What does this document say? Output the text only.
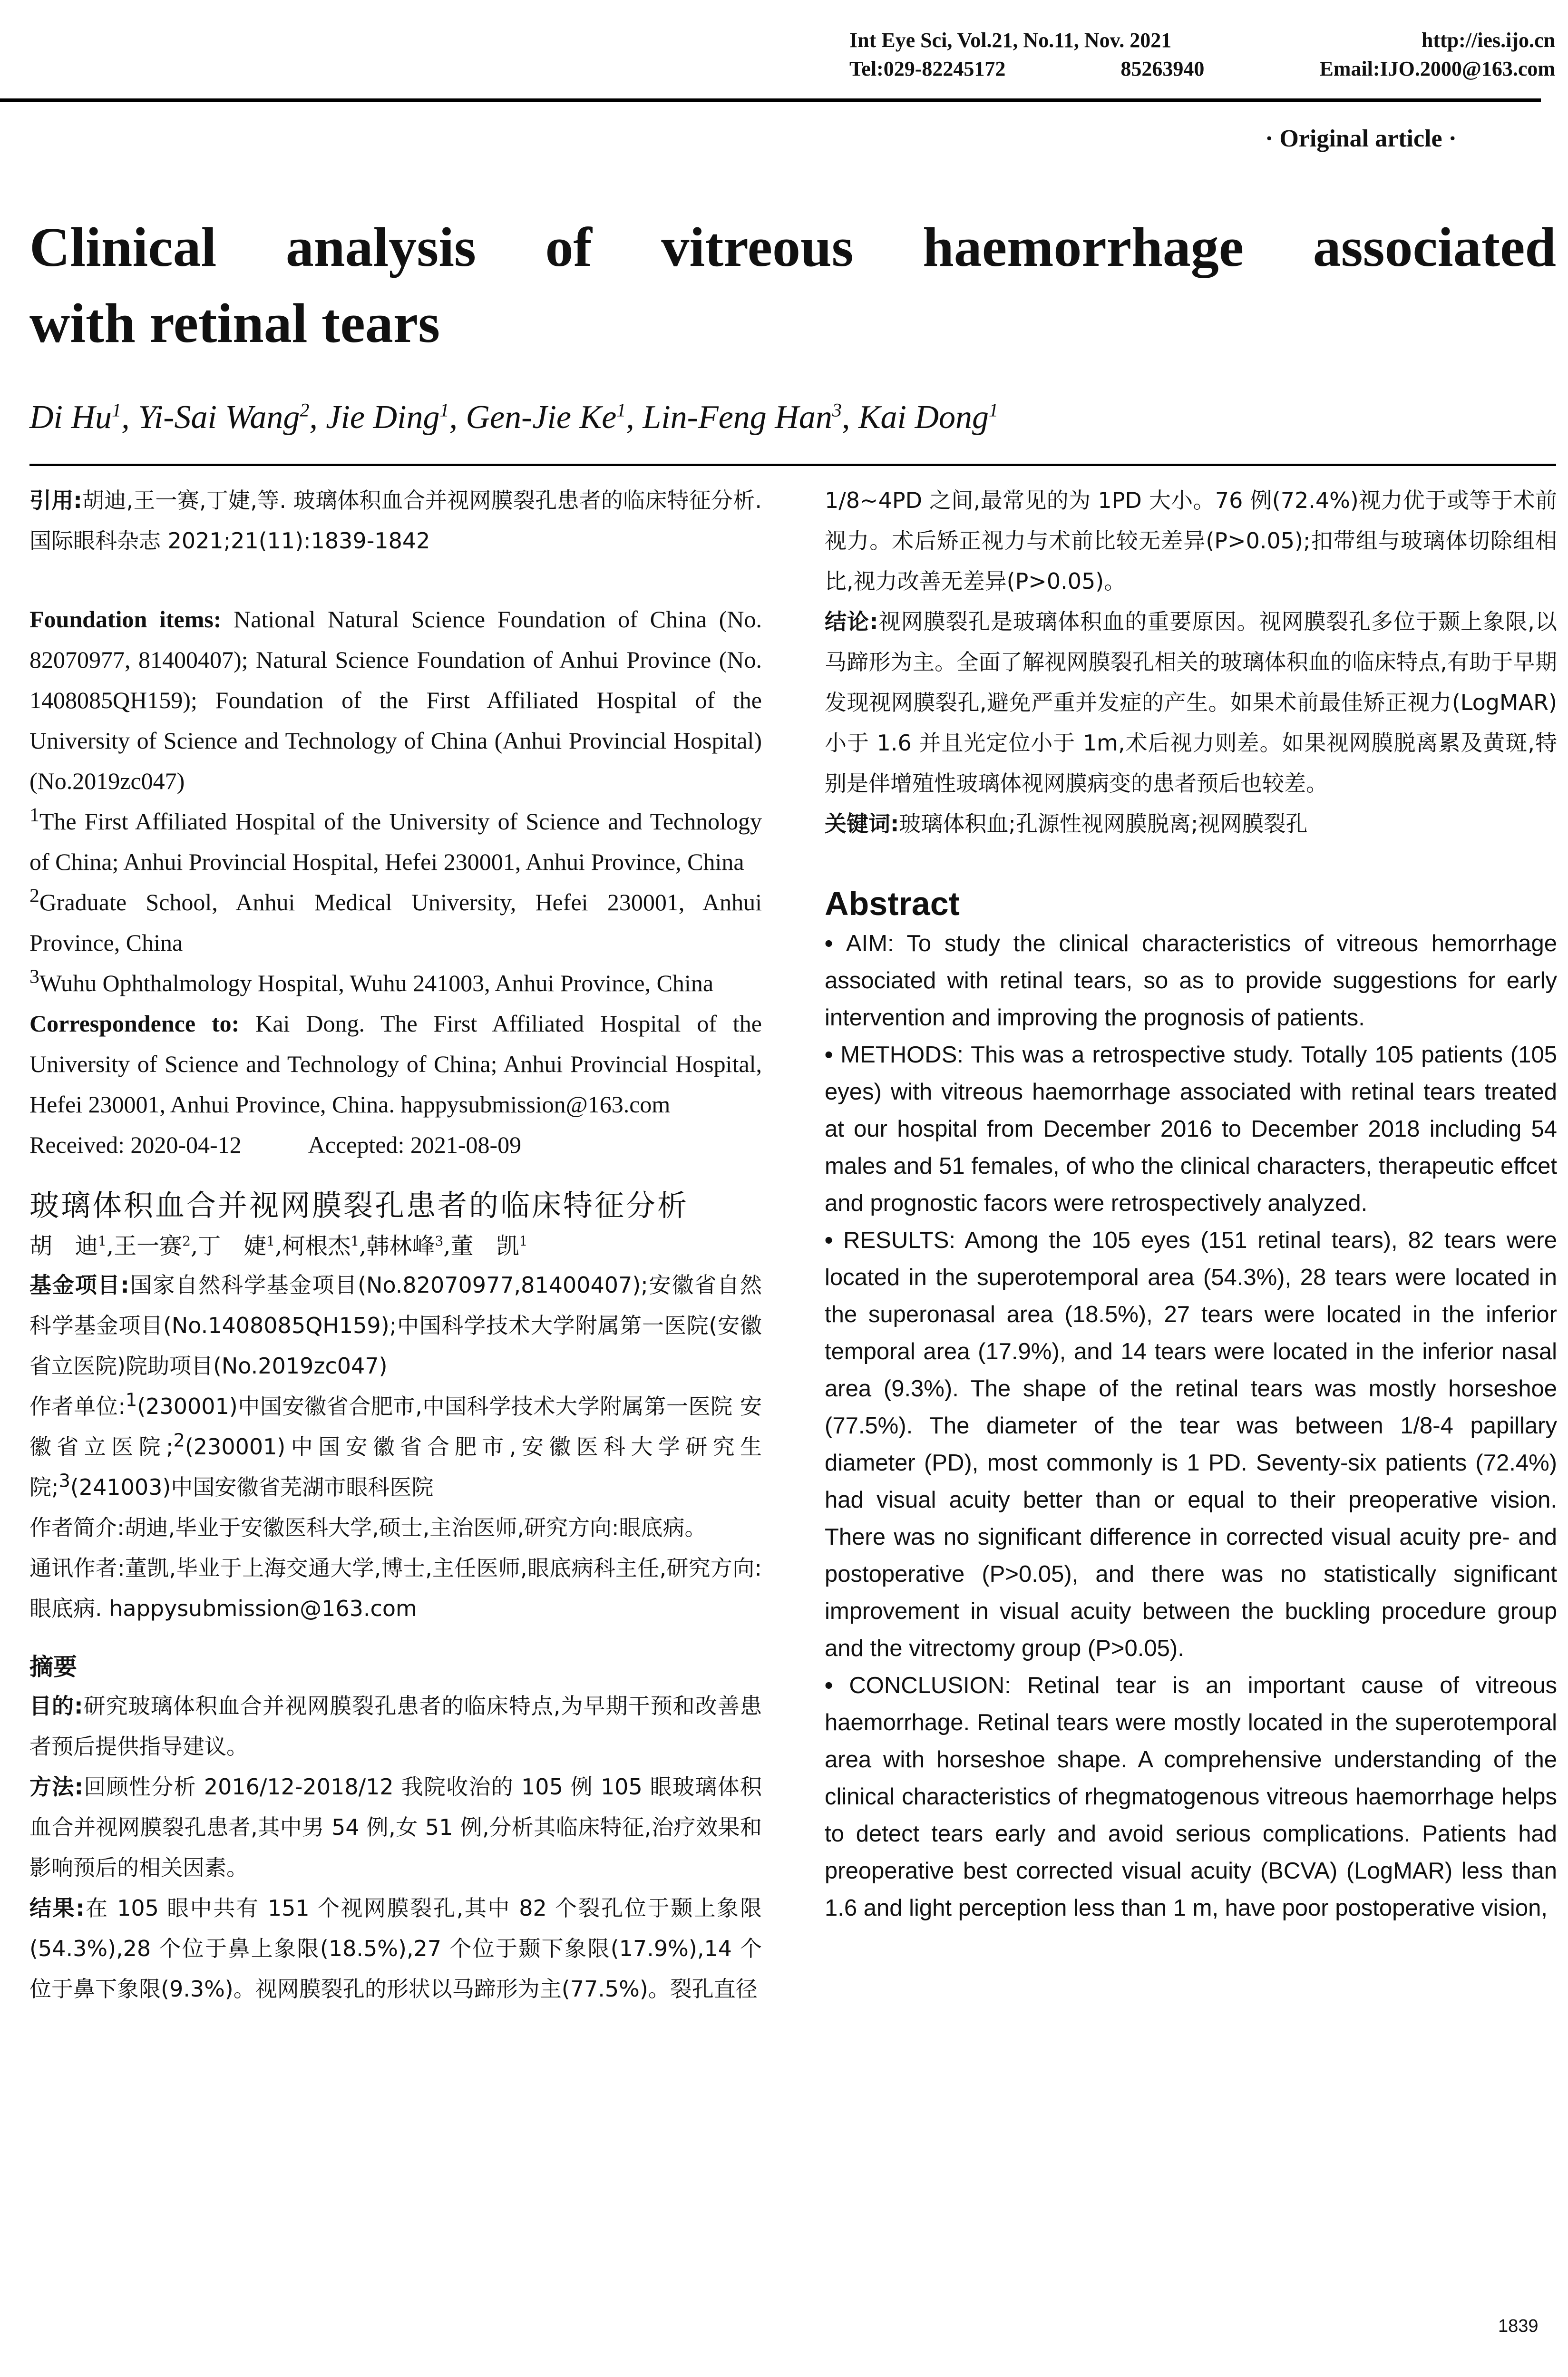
Int Eye Sci, Vol.21, No.11, Nov. 2021	http://ies.ijo.cn
Tel:029-82245172	85263940	Email:IJO.2000@163.com
· Original article ·
Clinical analysis of vitreous haemorrhage associated
with retinal tears
Di Hu$^1$, Yi-Sai Wang$^2$, Jie Ding$^1$, Gen-Jie Ke$^1$, Lin-Feng Han$^3$, Kai Dong$^1$

引用:胡迪,王一赛,丁婕,等. 玻璃体积血合并视网膜裂孔患者的临床特征分析. 国际眼科杂志 2021;21(11):1839-1842

Foundation items: National Natural Science Foundation of China (No. 82070977, 81400407); Natural Science Foundation of Anhui Province (No. 1408085QH159); Foundation of the First Affiliated Hospital of the University of Science and Technology of China (Anhui Provincial Hospital) (No.2019zc047)

$^1$The First Affiliated Hospital of the University of Science and Technology of China; Anhui Provincial Hospital, Hefei 230001, Anhui Province, China

$^2$Graduate School, Anhui Medical University, Hefei 230001, Anhui Province, China

$^3$Wuhu Ophthalmology Hospital, Wuhu 241003, Anhui Province, China

Correspondence to: Kai Dong. The First Affiliated Hospital of the University of Science and Technology of China; Anhui Provincial Hospital, Hefei 230001, Anhui Province, China. happysubmission@163.com

Received: 2020-04-12	Accepted: 2021-08-09

玻璃体积血合并视网膜裂孔患者的临床特征分析

胡　迪$^1$,王一赛$^2$,丁　婕$^1$,柯根杰$^1$,韩林峰$^3$,董　凯$^1$

基金项目:国家自然科学基金项目(No.82070977,81400407);安徽省自然科学基金项目(No.1408085QH159);中国科学技术大学附属第一医院(安徽省立医院)院助项目(No.2019zc047)

作者单位:$^1$(230001)中国安徽省合肥市,中国科学技术大学附属第一医院 安徽省立医院;$^2$(230001)中国安徽省合肥市,安徽医科大学研究生院;$^3$(241003)中国安徽省芜湖市眼科医院

作者简介:胡迪,毕业于安徽医科大学,硕士,主治医师,研究方向:眼底病。

通讯作者:董凯,毕业于上海交通大学,博士,主任医师,眼底病科主任,研究方向:眼底病. happysubmission@163.com

摘要

目的:研究玻璃体积血合并视网膜裂孔患者的临床特点,为早期干预和改善患者预后提供指导建议。

方法:回顾性分析 2016/12-2018/12 我院收治的 105 例 105 眼玻璃体积血合并视网膜裂孔患者,其中男 54 例,女 51 例,分析其临床特征,治疗效果和影响预后的相关因素。

结果:在 105 眼中共有 151 个视网膜裂孔,其中 82 个裂孔位于颞上象限(54.3%),28 个位于鼻上象限(18.5%),27 个位于颞下象限(17.9%),14 个位于鼻下象限(9.3%)。视网膜裂孔的形状以马蹄形为主(77.5%)。裂孔直径

1/8~4PD 之间,最常见的为 1PD 大小。76 例(72.4%)视力优于或等于术前视力。术后矫正视力与术前比较无差异(P>0.05);扣带组与玻璃体切除组相比,视力改善无差异(P>0.05)。

结论:视网膜裂孔是玻璃体积血的重要原因。视网膜裂孔多位于颞上象限,以马蹄形为主。全面了解视网膜裂孔相关的玻璃体积血的临床特点,有助于早期发现视网膜裂孔,避免严重并发症的产生。如果术前最佳矫正视力(LogMAR)小于 1.6 并且光定位小于 1m,术后视力则差。如果视网膜脱离累及黄斑,特别是伴增殖性玻璃体视网膜病变的患者预后也较差。

关键词:玻璃体积血;孔源性视网膜脱离;视网膜裂孔

Abstract

• AIM: To study the clinical characteristics of vitreous hemorrhage associated with retinal tears, so as to provide suggestions for early intervention and improving the prognosis of patients.

• METHODS: This was a retrospective study. Totally 105 patients (105 eyes) with vitreous haemorrhage associated with retinal tears treated at our hospital from December 2016 to December 2018 including 54 males and 51 females, of who the clinical characters, therapeutic effcet and prognostic facors were retrospectively analyzed.

• RESULTS: Among the 105 eyes (151 retinal tears), 82 tears were located in the superotemporal area (54.3%), 28 tears were located in the superonasal area (18.5%), 27 tears were located in the inferior temporal area (17.9%), and 14 tears were located in the inferior nasal area (9.3%). The shape of the retinal tears was mostly horseshoe (77.5%). The diameter of the tear was between 1/8-4 papillary diameter (PD), most commonly is 1 PD. Seventy-six patients (72.4%) had visual acuity better than or equal to their preoperative vision. There was no significant difference in corrected visual acuity pre- and postoperative (P>0.05), and there was no statistically significant improvement in visual acuity between the buckling procedure group and the vitrectomy group (P>0.05).

• CONCLUSION: Retinal tear is an important cause of vitreous haemorrhage. Retinal tears were mostly located in the superotemporal area with horseshoe shape. A comprehensive understanding of the clinical characteristics of rhegmatogenous vitreous haemorrhage helps to detect tears early and avoid serious complications. Patients had preoperative best corrected visual acuity (BCVA) (LogMAR) less than 1.6 and light perception less than 1 m, have poor postoperative vision,

1839
